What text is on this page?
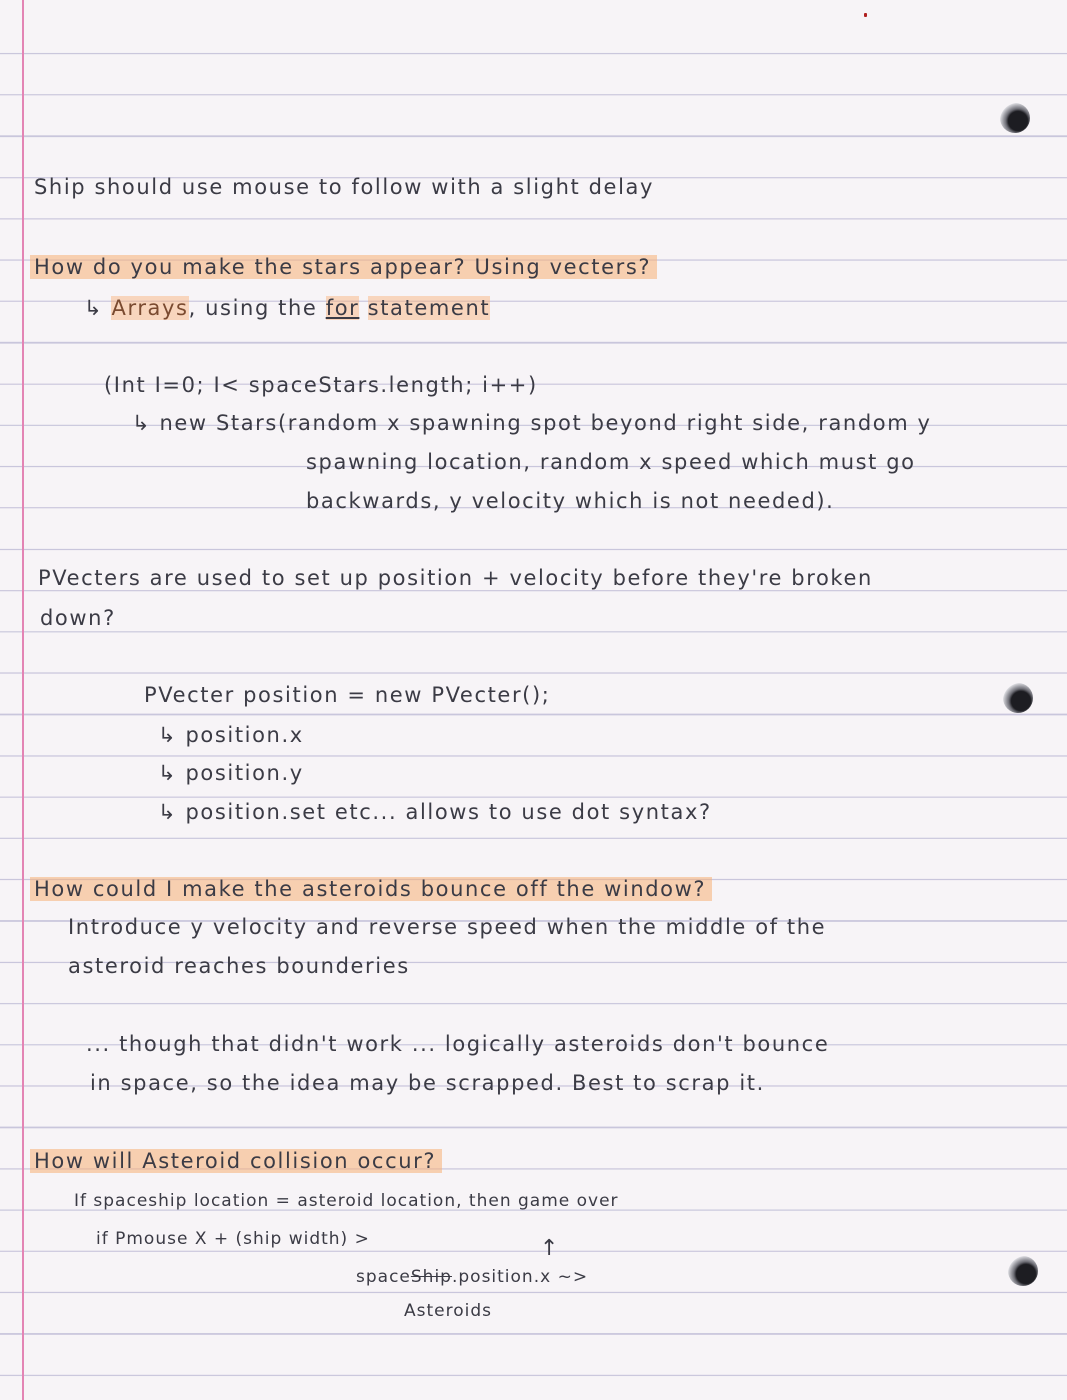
Ship should use mouse to follow with a slight delay
How do you make the stars appear? Using vecters?
↳ Arrays, using the for statement
(Int I=0; I< spaceStars.length; i++)
↳ new Stars(random x spawning spot beyond right side, random y
spawning location, random x speed which must go
backwards, y velocity which is not needed).
PVecters are used to set up position + velocity before they're broken
down?
PVecter position = new PVecter();
↳ position.x
↳ position.y
↳ position.set etc... allows to use dot syntax?
How could I make the asteroids bounce off the window?
Introduce y velocity and reverse speed when the middle of the
asteroid reaches bounderies
... though that didn't work ... logically asteroids don't bounce
in space, so the idea may be scrapped. Best to scrap it.
How will Asteroid collision occur?
If spaceship location = asteroid location, then game over
if Pmouse X + (ship width) >	↑
spaceShip.position.x ~>
Asteroids
